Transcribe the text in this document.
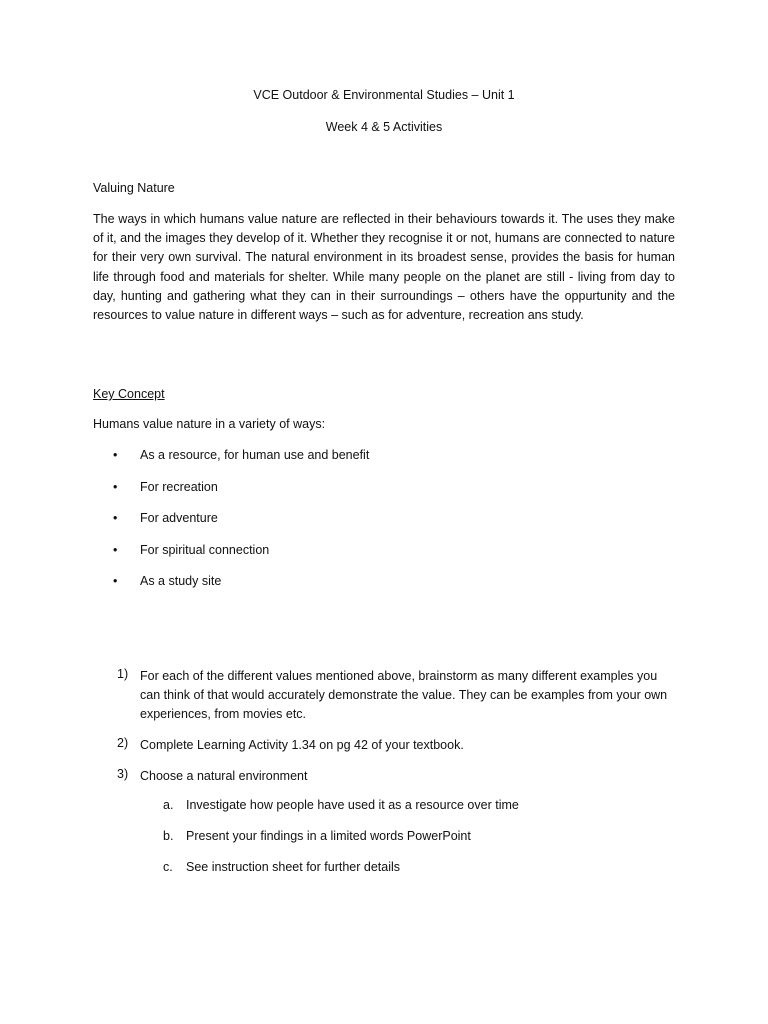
VCE Outdoor & Environmental Studies – Unit 1
Week 4 & 5 Activities
Valuing Nature

The ways in which humans value nature are reflected in their behaviours towards it. The uses they make of it, and the images they develop of it. Whether they recognise it or not, humans are connected to nature for their very own survival. The natural environment in its broadest sense, provides the basis for human life through food and materials for shelter. While many people on the planet are still - living from day to day, hunting and gathering what they can in their surroundings – others have the oppurtunity and the resources to value nature in different ways – such as for adventure, recreation ans study.

Key Concept
Humans value nature in a variety of ways:
•	As a resource, for human use and benefit
•	For recreation
•	For adventure
•	For spiritual connection
•	As a study site
1) For each of the different values mentioned above, brainstorm as many different examples you can think of that would accurately demonstrate the value. They can be examples from your own experiences, from movies etc.
2) Complete Learning Activity 1.34 on pg 42 of your textbook.
3) Choose a natural environment
a. Investigate how people have used it as a resource over time
b. Present your findings in a limited words PowerPoint
c. See instruction sheet for further details
